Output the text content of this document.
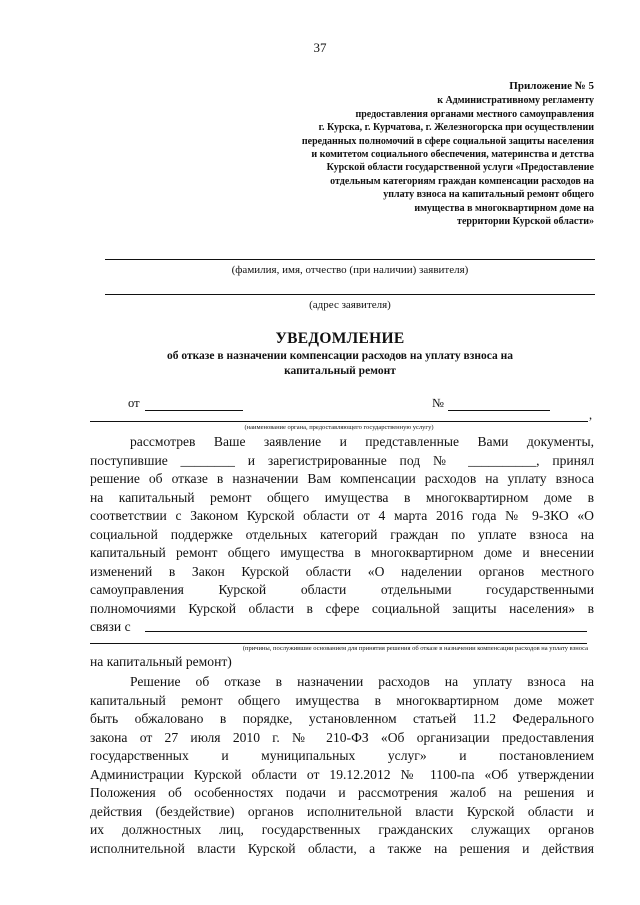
37
Приложение № 5
к Административному регламенту
предоставления органами местного самоуправления
г. Курска, г. Курчатова, г. Железногорска при осуществлении
переданных полномочий в сфере социальной защиты населения
и комитетом социального обеспечения, материнства и детства
Курской области государственной услуги «Предоставление
отдельным категориям граждан компенсации расходов на
уплату взноса на капитальный ремонт общего
имущества в многоквартирном доме на
территории Курской области»
(фамилия, имя, отчество (при наличии) заявителя)
(адрес заявителя)
УВЕДОМЛЕНИЕ
об отказе в назначении компенсации расходов на уплату взноса на
капитальный ремонт
от	№
,
(наименование органа, предоставляющего государственную услугу)
рассмотрев Ваше заявление и представленные Вами документы,
поступившие ________ и зарегистрированные под № __________, принял
решение об отказе в назначении Вам компенсации расходов на уплату взноса
на капитальный ремонт общего имущества в многоквартирном доме в
соответствии с Законом Курской области от 4 марта 2016 года № 9-ЗКО «О
социальной поддержке отдельных категорий граждан по уплате взноса на
капитальный ремонт общего имущества в многоквартирном доме и внесении
изменений в Закон Курской области «О наделении органов местного
самоуправления Курской области отдельными государственными
полномочиями Курской области в сфере социальной защиты населения» в
связи с
(причины, послужившие основанием для принятия решения об отказе в назначении компенсации расходов на уплату взноса
на капитальный ремонт)
Решение об отказе в назначении расходов на уплату взноса на
капитальный ремонт общего имущества в многоквартирном доме может
быть обжаловано в порядке, установленном статьей 11.2 Федерального
закона от 27 июля 2010 г. № 210-ФЗ «Об организации предоставления
государственных и муниципальных услуг» и постановлением
Администрации Курской области от 19.12.2012 № 1100-па «Об утверждении
Положения об особенностях подачи и рассмотрения жалоб на решения и
действия (бездействие) органов исполнительной власти Курской области и
их должностных лиц, государственных гражданских служащих органов
исполнительной власти Курской области, а также на решения и действия
